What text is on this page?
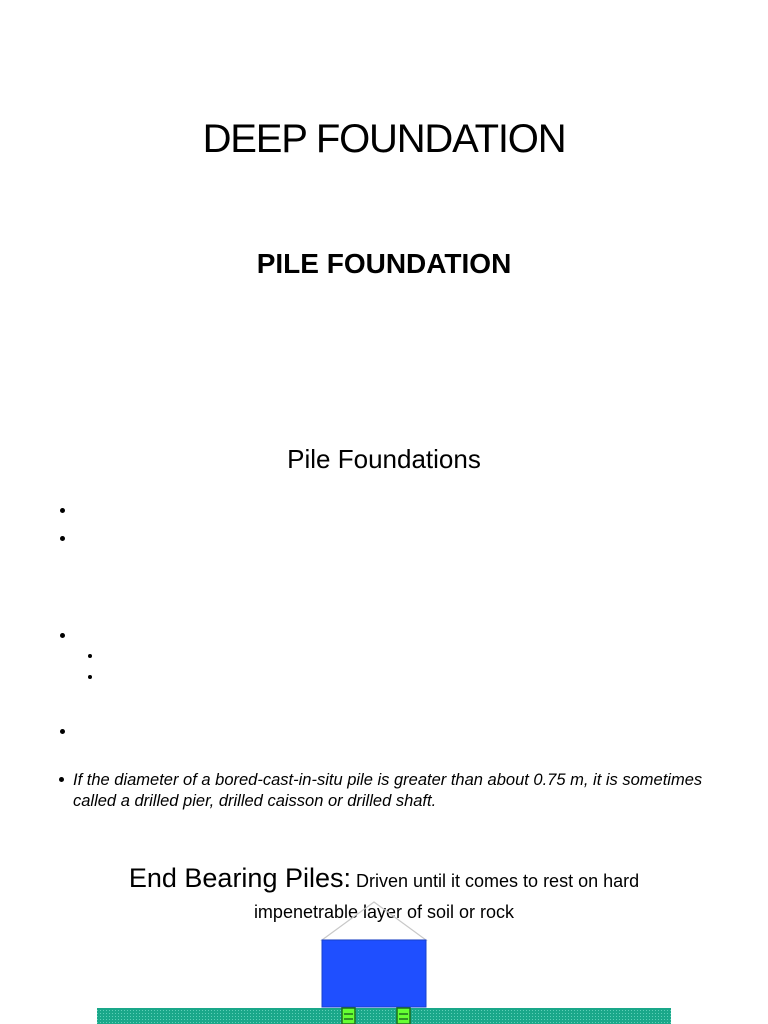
DEEP FOUNDATION
PILE FOUNDATION
Pile Foundations
If the diameter of a bored-cast-in-situ pile is greater than about 0.75 m, it is sometimes called a drilled pier, drilled caisson or drilled shaft.
End Bearing Piles: Driven until it comes to rest on hard
impenetrable layer of soil or rock
